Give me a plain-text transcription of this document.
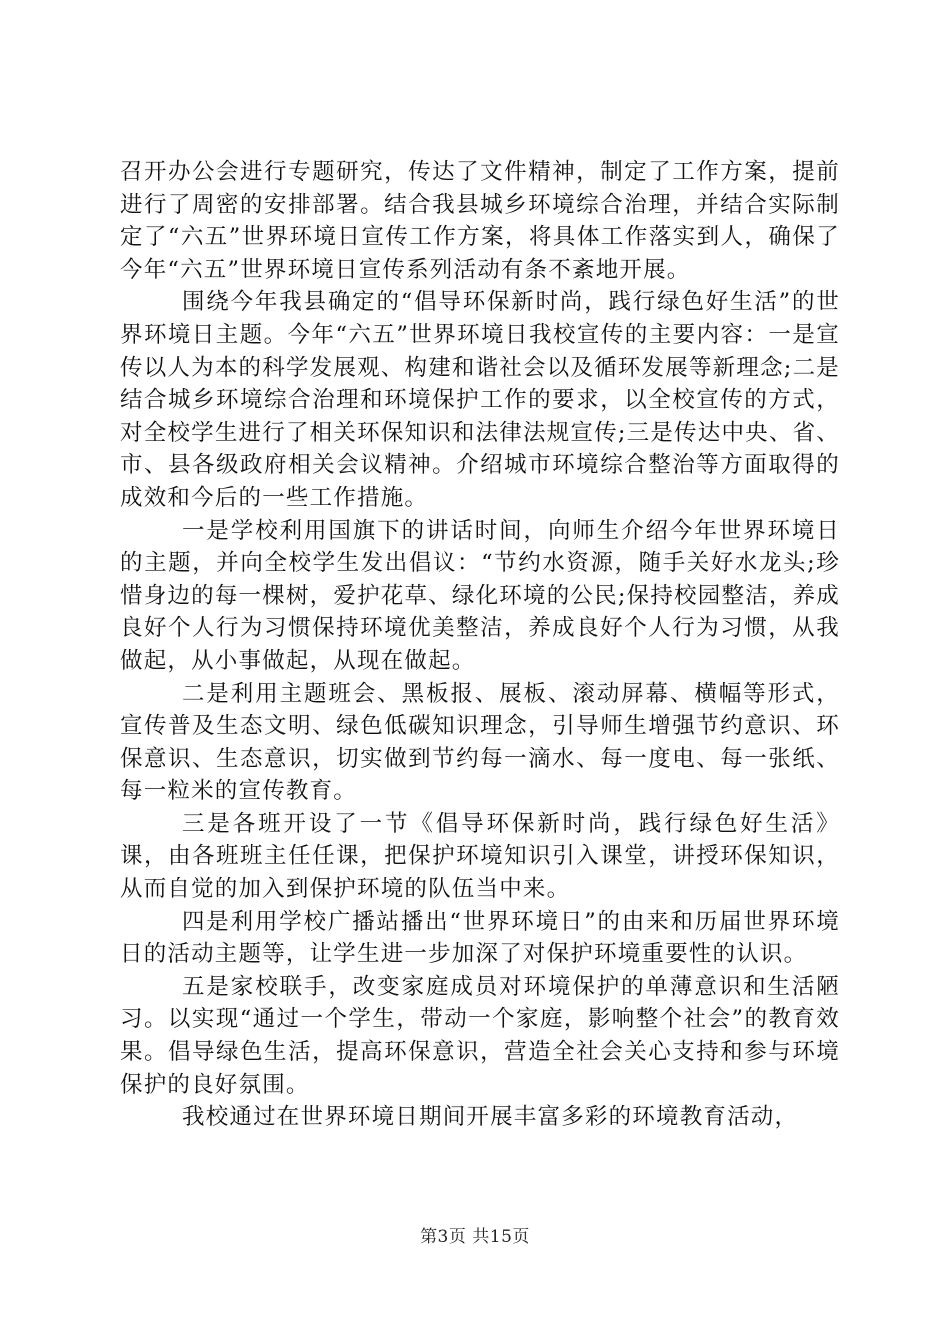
召开办公会进行专题研究，传达了文件精神，制定了工作方案，提前进行了周密的安排部署。结合我县城乡环境综合治理，并结合实际制定了“六五”世界环境日宣传工作方案，将具体工作落实到人，确保了今年“六五”世界环境日宣传系列活动有条不紊地开展。

围绕今年我县确定的“倡导环保新时尚，践行绿色好生活”的世界环境日主题。今年“六五”世界环境日我校宣传的主要内容：一是宣传以人为本的科学发展观、构建和谐社会以及循环发展等新理念;二是结合城乡环境综合治理和环境保护工作的要求，以全校宣传的方式，对全校学生进行了相关环保知识和法律法规宣传;三是传达中央、省、市、县各级政府相关会议精神。介绍城市环境综合整治等方面取得的成效和今后的一些工作措施。

一是学校利用国旗下的讲话时间，向师生介绍今年世界环境日的主题，并向全校学生发出倡议：“节约水资源，随手关好水龙头;珍惜身边的每一棵树，爱护花草、绿化环境的公民;保持校园整洁，养成良好个人行为习惯保持环境优美整洁，养成良好个人行为习惯，从我做起，从小事做起，从现在做起。

二是利用主题班会、黑板报、展板、滚动屏幕、横幅等形式，宣传普及生态文明、绿色低碳知识理念，引导师生增强节约意识、环保意识、生态意识，切实做到节约每一滴水、每一度电、每一张纸、每一粒米的宣传教育。

三是各班开设了一节《倡导环保新时尚，践行绿色好生活》课，由各班班主任任课，把保护环境知识引入课堂，讲授环保知识，从而自觉的加入到保护环境的队伍当中来。

四是利用学校广播站播出“世界环境日”的由来和历届世界环境日的活动主题等，让学生进一步加深了对保护环境重要性的认识。

五是家校联手，改变家庭成员对环境保护的单薄意识和生活陋习。以实现“通过一个学生，带动一个家庭，影响整个社会”的教育效果。倡导绿色生活，提高环保意识，营造全社会关心支持和参与环境保护的良好氛围。

我校通过在世界环境日期间开展丰富多彩的环境教育活动，

第3页 共15页
